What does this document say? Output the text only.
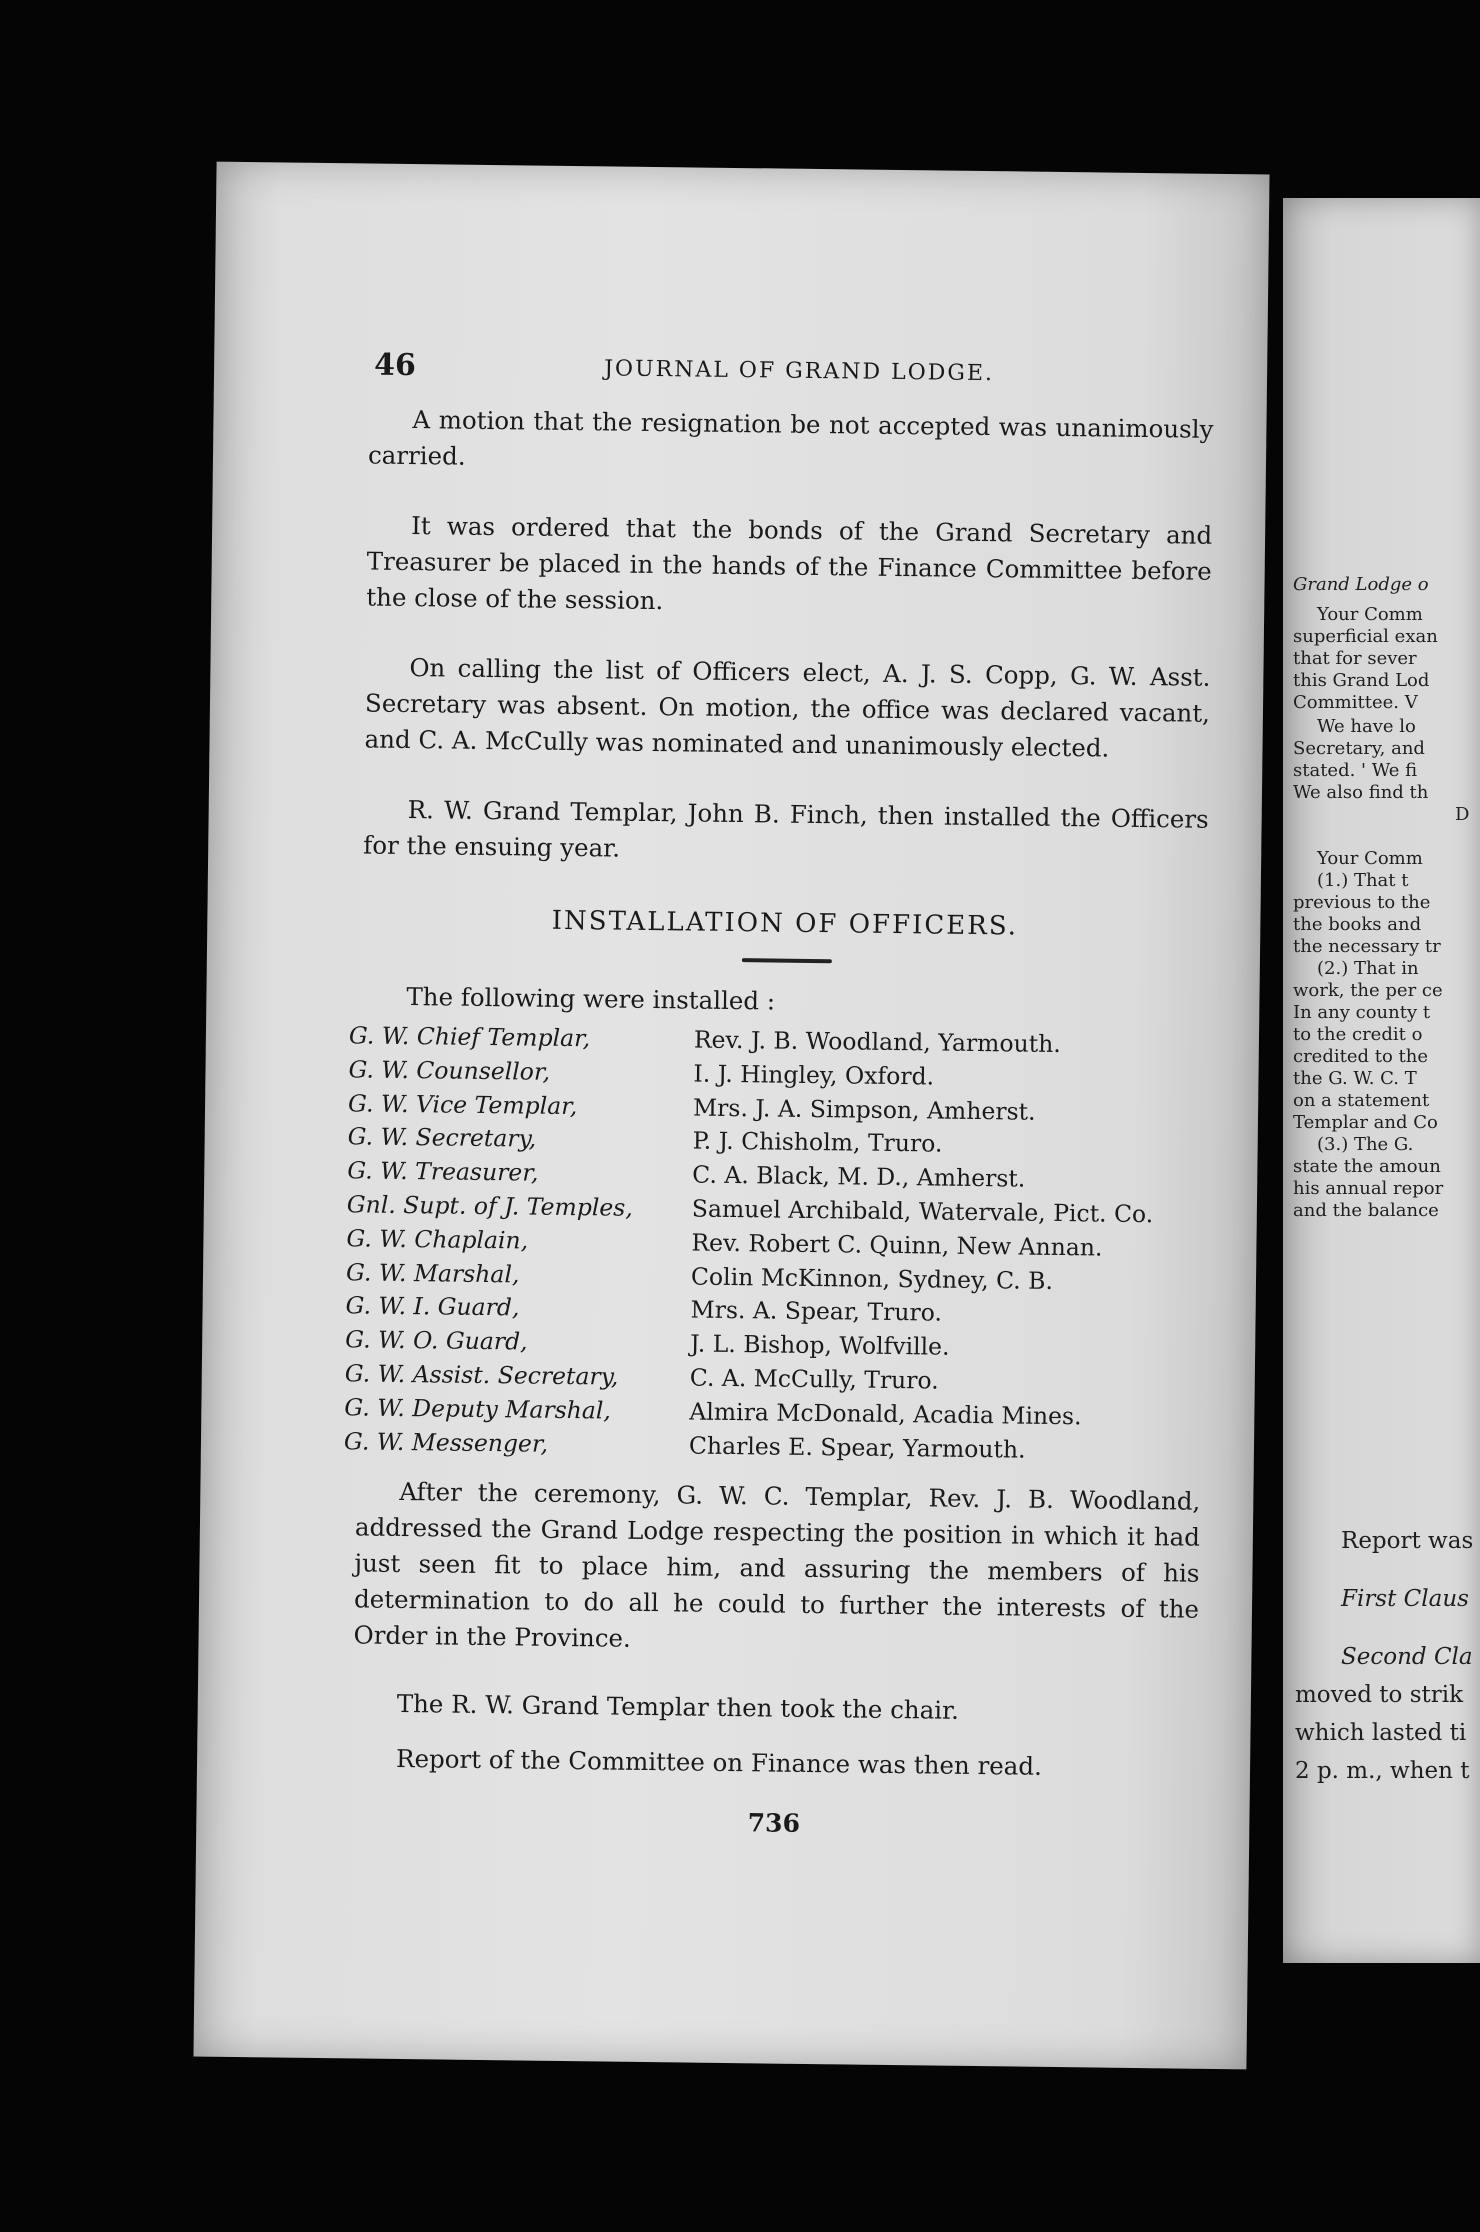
46	JOURNAL OF GRAND LODGE.
A motion that the resignation be not accepted was unanimously carried.
It was ordered that the bonds of the Grand Secretary and Treasurer be placed in the hands of the Finance Committee before the close of the session.
On calling the list of Officers elect, A. J. S. Copp, G. W. Asst. Secretary was absent. On motion, the office was declared vacant, and C. A. McCully was nominated and unanimously elected.
R. W. Grand Templar, John B. Finch, then installed the Officers for the ensuing year.
INSTALLATION OF OFFICERS.
The following were installed :
G. W. Chief Templar,	Rev. J. B. Woodland, Yarmouth.
G. W. Counsellor,	I. J. Hingley, Oxford.
G. W. Vice Templar,	Mrs. J. A. Simpson, Amherst.
G. W. Secretary,	P. J. Chisholm, Truro.
G. W. Treasurer,	C. A. Black, M. D., Amherst.
Gnl. Supt. of J. Temples,	Samuel Archibald, Watervale, Pict. Co.
G. W. Chaplain,	Rev. Robert C. Quinn, New Annan.
G. W. Marshal,	Colin McKinnon, Sydney, C. B.
G. W. I. Guard,	Mrs. A. Spear, Truro.
G. W. O. Guard,	J. L. Bishop, Wolfville.
G. W. Assist. Secretary,	C. A. McCully, Truro.
G. W. Deputy Marshal,	Almira McDonald, Acadia Mines.
G. W. Messenger,	Charles E. Spear, Yarmouth.
After the ceremony, G. W. C. Templar, Rev. J. B. Woodland, addressed the Grand Lodge respecting the position in which it had just seen fit to place him, and assuring the members of his determination to do all he could to further the interests of the Order in the Province.
The R. W. Grand Templar then took the chair.
Report of the Committee on Finance was then read.
736
Grand Lodge o
Your Comm
superficial exan
that for sever
this Grand Lod
Committee. V
We have lo
Secretary, and
stated. ' We fi
We also find th
D
Your Comm
(1.) That t
previous to the
the books and
the necessary tr
(2.) That in
work, the per ce
In any county t
to the credit o
credited to the
the G. W. C. T
on a statement
Templar and Co
(3.) The G.
state the amoun
his annual repor
and the balance
Report was
First Claus
Second Cla
moved to strik
which lasted ti
2 p. m., when t
